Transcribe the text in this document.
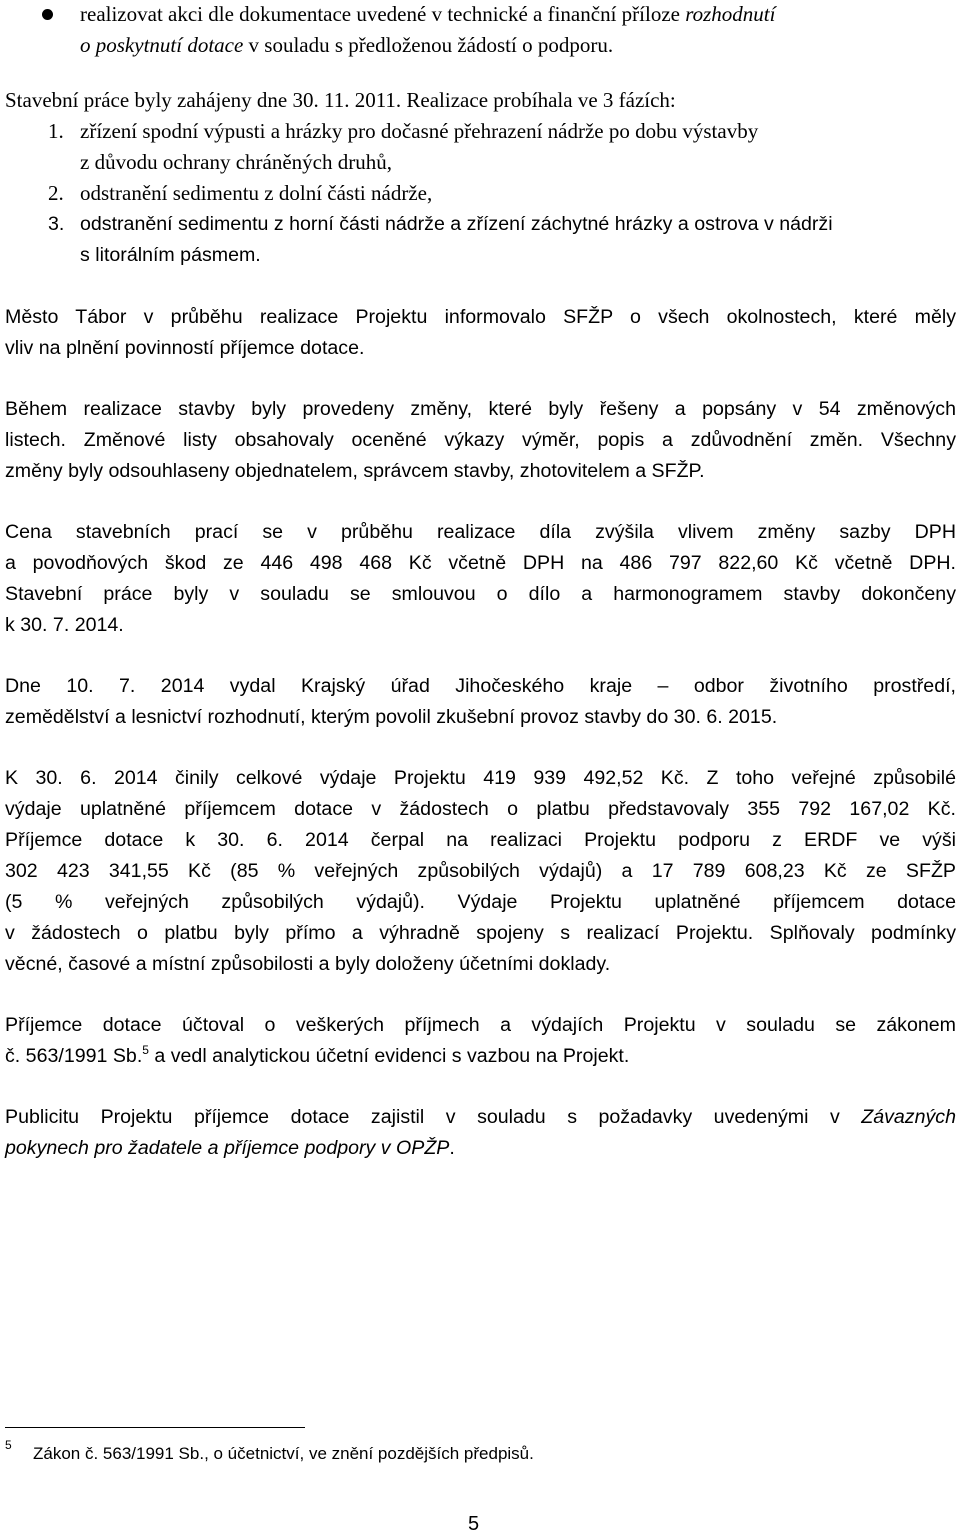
realizovat akci dle dokumentace uvedené v technické a finanční příloze rozhodnutí
o poskytnutí dotace v souladu s předloženou žádostí o podporu.
Stavební práce byly zahájeny dne 30. 11. 2011. Realizace probíhala ve 3 fázích:
1. zřízení spodní výpusti a hrázky pro dočasné přehrazení nádrže po dobu výstavby
z důvodu ochrany chráněných druhů,
2. odstranění sedimentu z dolní části nádrže,
3. odstranění sedimentu z horní části nádrže a zřízení záchytné hrázky a ostrova v nádrži
s litorálním pásmem.
Město Tábor v průběhu realizace Projektu informovalo SFŽP o všech okolnostech, které měly
vliv na plnění povinností příjemce dotace.
Během realizace stavby byly provedeny změny, které byly řešeny a popsány v 54 změnových
listech. Změnové listy obsahovaly oceněné výkazy výměr, popis a zdůvodnění změn. Všechny
změny byly odsouhlaseny objednatelem, správcem stavby, zhotovitelem a SFŽP.
Cena stavebních prací se v průběhu realizace díla zvýšila vlivem změny sazby DPH
a povodňových škod ze 446 498 468 Kč včetně DPH na 486 797 822,60 Kč včetně DPH.
Stavební práce byly v souladu se smlouvou o dílo a harmonogramem stavby dokončeny
k 30. 7. 2014.
Dne 10. 7. 2014 vydal Krajský úřad Jihočeského kraje – odbor životního prostředí,
zemědělství a lesnictví rozhodnutí, kterým povolil zkušební provoz stavby do 30. 6. 2015.
K 30. 6. 2014 činily celkové výdaje Projektu 419 939 492,52 Kč. Z toho veřejné způsobilé
výdaje uplatněné příjemcem dotace v žádostech o platbu představovaly 355 792 167,02 Kč.
Příjemce dotace k 30. 6. 2014 čerpal na realizaci Projektu podporu z ERDF ve výši
302 423 341,55 Kč (85 % veřejných způsobilých výdajů) a 17 789 608,23 Kč ze SFŽP
(5 % veřejných způsobilých výdajů). Výdaje Projektu uplatněné příjemcem dotace
v žádostech o platbu byly přímo a výhradně spojeny s realizací Projektu. Splňovaly podmínky
věcné, časové a místní způsobilosti a byly doloženy účetními doklady.
Příjemce dotace účtoval o veškerých příjmech a výdajích Projektu v souladu se zákonem
č. 563/1991 Sb.$^5$ a vedl analytickou účetní evidenci s vazbou na Projekt.
Publicitu Projektu příjemce dotace zajistil v souladu s požadavky uvedenými v Závazných
pokynech pro žadatele a příjemce podpory v OPŽP.
5 Zákon č. 563/1991 Sb., o účetnictví, ve znění pozdějších předpisů.
5
